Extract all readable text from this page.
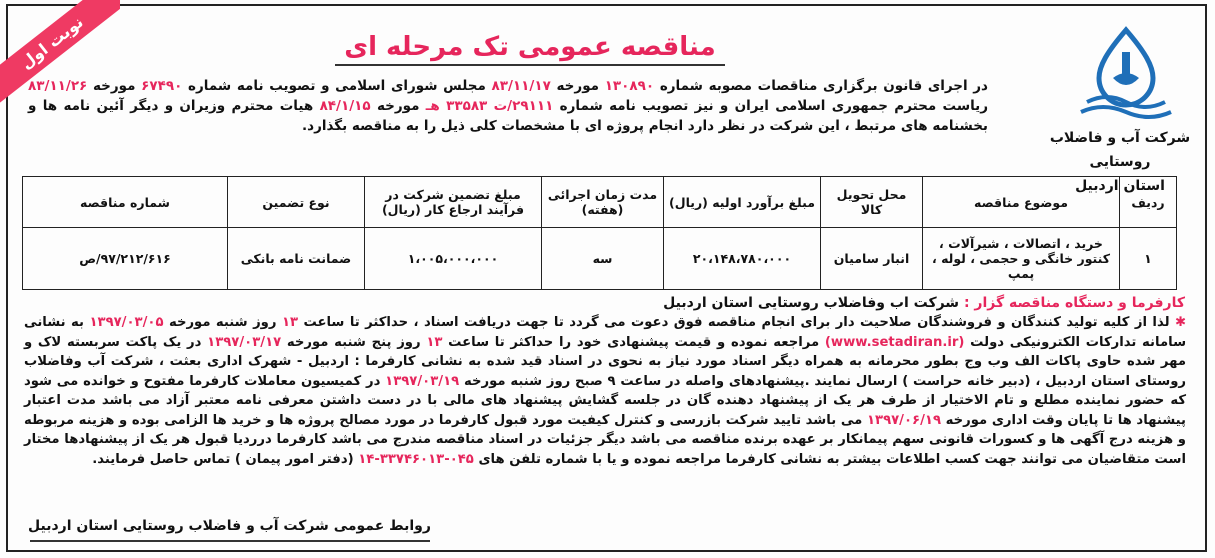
نوبت اول
شرکت آب و فاضلاب روستایی
استان اردبیل
مناقصه عمومی تک مرحله ای
در اجرای قانون برگزاری مناقصات مصوبه شماره ۱۳۰۸۹۰ مورخه ۸۳/۱۱/۱۷ مجلس شورای اسلامی و تصویب نامه شماره ۶۷۴۹۰ مورخه ۸۳/۱۱/۲۶ ریاست محترم جمهوری اسلامی ایران و نیز تصویب نامه شماره ۲۹۱۱۱/ت ۳۳۵۸۳ هـ مورخه ۸۴/۱/۱۵ هیات محترم وزیران و دیگر آئین نامه ها و بخشنامه های مرتبط ، این شرکت در نظر دارد انجام پروژه ای با مشخصات کلی ذیل را به مناقصه بگذارد.
ردیف	موضوع مناقصه	محل تحویل کالا	مبلغ برآورد اولیه (ریال)	مدت زمان اجرائی (هفته)	مبلغ تضمین شرکت در فرآیند ارجاع کار (ریال)	نوع تضمین	شماره مناقصه
۱	خرید ، اتصالات ، شیرآلات ، کنتور خانگی و حجمی ، لوله ، پمپ	انبار سامیان	۲۰،۱۴۸،۷۸۰،۰۰۰	سه	۱،۰۰۵،۰۰۰،۰۰۰	ضمانت نامه بانکی	۹۷/۲۱۲/۶۱۶/ص
کارفرما و دستگاه مناقصه گزار : شرکت اب وفاضلاب روستایی استان اردبیل
✱ لذا از کلیه تولید کنندگان و فروشندگان صلاحیت دار برای انجام مناقصه فوق دعوت می گردد تا جهت دریافت اسناد ، حداکثر تا ساعت ۱۳ روز شنبه مورخه ۱۳۹۷/۰۳/۰۵ به نشانی سامانه تدارکات الکترونیکی دولت (www.setadiran.ir) مراجعه نموده و قیمت پیشنهادی خود را حداکثر تا ساعت ۱۳ روز پنج شنبه مورخه ۱۳۹۷/۰۳/۱۷ در یک پاکت سربسته لاک و مهر شده حاوی پاکات الف وب وج بطور محرمانه به همراه دیگر اسناد مورد نیاز به نحوی در اسناد قید شده به نشانی کارفرما : اردبیل - شهرک اداری بعثت ، شرکت آب وفاضلاب روستای استان اردبیل ، (دبیر خانه حراست ) ارسال نمایند .پیشنهادهای واصله در ساعت ۹ صبح روز شنبه مورخه ۱۳۹۷/۰۳/۱۹ در کمیسیون معاملات کارفرما مفتوح و خوانده می شود که حضور نماینده مطلع و تام الاختیار از طرف هر یک از پیشنهاد دهنده گان در جلسه گشایش پیشنهاد های مالی با در دست داشتن معرفی نامه معتبر آزاد می باشد مدت اعتبار پیشنهاد ها تا پایان وقت اداری مورخه ۱۳۹۷/۰۶/۱۹ می باشد تایید شرکت بازرسی و کنترل کیفیت مورد قبول کارفرما در مورد مصالح پروژه ها و خرید ها الزامی بوده و هزینه مربوطه و هزینه درج آگهی ها و کسورات قانونی سهم پیمانکار بر عهده برنده مناقصه می باشد دیگر جزئیات در اسناد مناقصه مندرج می باشد کارفرما درردیا قبول هر یک از پیشنهادها مختار است متقاضیان می توانند جهت کسب اطلاعات بیشتر به نشانی کارفرما مراجعه نموده و یا با شماره تلفن های ۰۴۵-۳۳۷۴۶۰۱۳-۱۴ (دفتر امور پیمان ) تماس حاصل فرمایند.
روابط عمومی شرکت آب و فاضلاب روستایی استان اردبیل
